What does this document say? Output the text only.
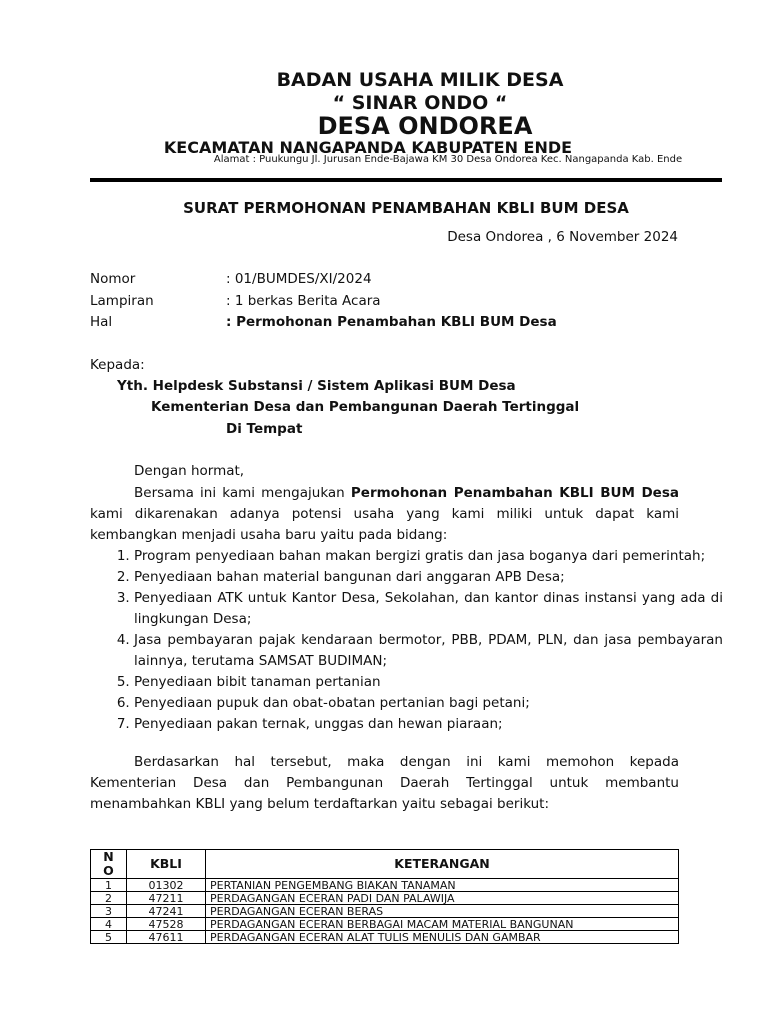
BADAN USAHA MILIK DESA
“ SINAR ONDO “
DESA ONDOREA
KECAMATAN NANGAPANDA KABUPATEN ENDE
Alamat : Puukungu Jl. Jurusan Ende-Bajawa KM 30 Desa Ondorea Kec. Nangapanda Kab. Ende
SURAT PERMOHONAN PENAMBAHAN KBLI BUM DESA
Desa Ondorea , 6 November 2024
Nomor	: 01/BUMDES/XI/2024
Lampiran	: 1 berkas Berita Acara
Hal	: Permohonan Penambahan KBLI BUM Desa
Kepada:
Yth. Helpdesk Substansi / Sistem Aplikasi BUM Desa
Kementerian Desa dan Pembangunan Daerah Tertinggal
Di Tempat
Dengan hormat,

Bersama ini kami mengajukan Permohonan Penambahan KBLI BUM Desa kami dikarenakan adanya potensi usaha yang kami miliki untuk dapat kami kembangkan menjadi usaha baru yaitu pada bidang:

1. Program penyediaan bahan makan bergizi gratis dan jasa boganya dari pemerintah;
2. Penyediaan bahan material bangunan dari anggaran APB Desa;
3. Penyediaan ATK untuk Kantor Desa, Sekolahan, dan kantor dinas instansi yang ada di lingkungan Desa;
4. Jasa pembayaran pajak kendaraan bermotor, PBB, PDAM, PLN, dan jasa pembayaran lainnya, terutama SAMSAT BUDIMAN;
5. Penyediaan bibit tanaman pertanian
6. Penyediaan pupuk dan obat-obatan pertanian bagi petani;
7. Penyediaan pakan ternak, unggas dan hewan piaraan;

Berdasarkan hal tersebut, maka dengan ini kami memohon kepada Kementerian Desa dan Pembangunan Daerah Tertinggal untuk membantu menambahkan KBLI yang belum terdaftarkan yaitu sebagai berikut:

N
O	KBLI	KETERANGAN
1	01302	PERTANIAN PENGEMBANG BIAKAN TANAMAN
2	47211	PERDAGANGAN ECERAN PADI DAN PALAWIJA
3	47241	PERDAGANGAN ECERAN BERAS
4	47528	PERDAGANGAN ECERAN BERBAGAI MACAM MATERIAL BANGUNAN
5	47611	PERDAGANGAN ECERAN ALAT TULIS MENULIS DAN GAMBAR
